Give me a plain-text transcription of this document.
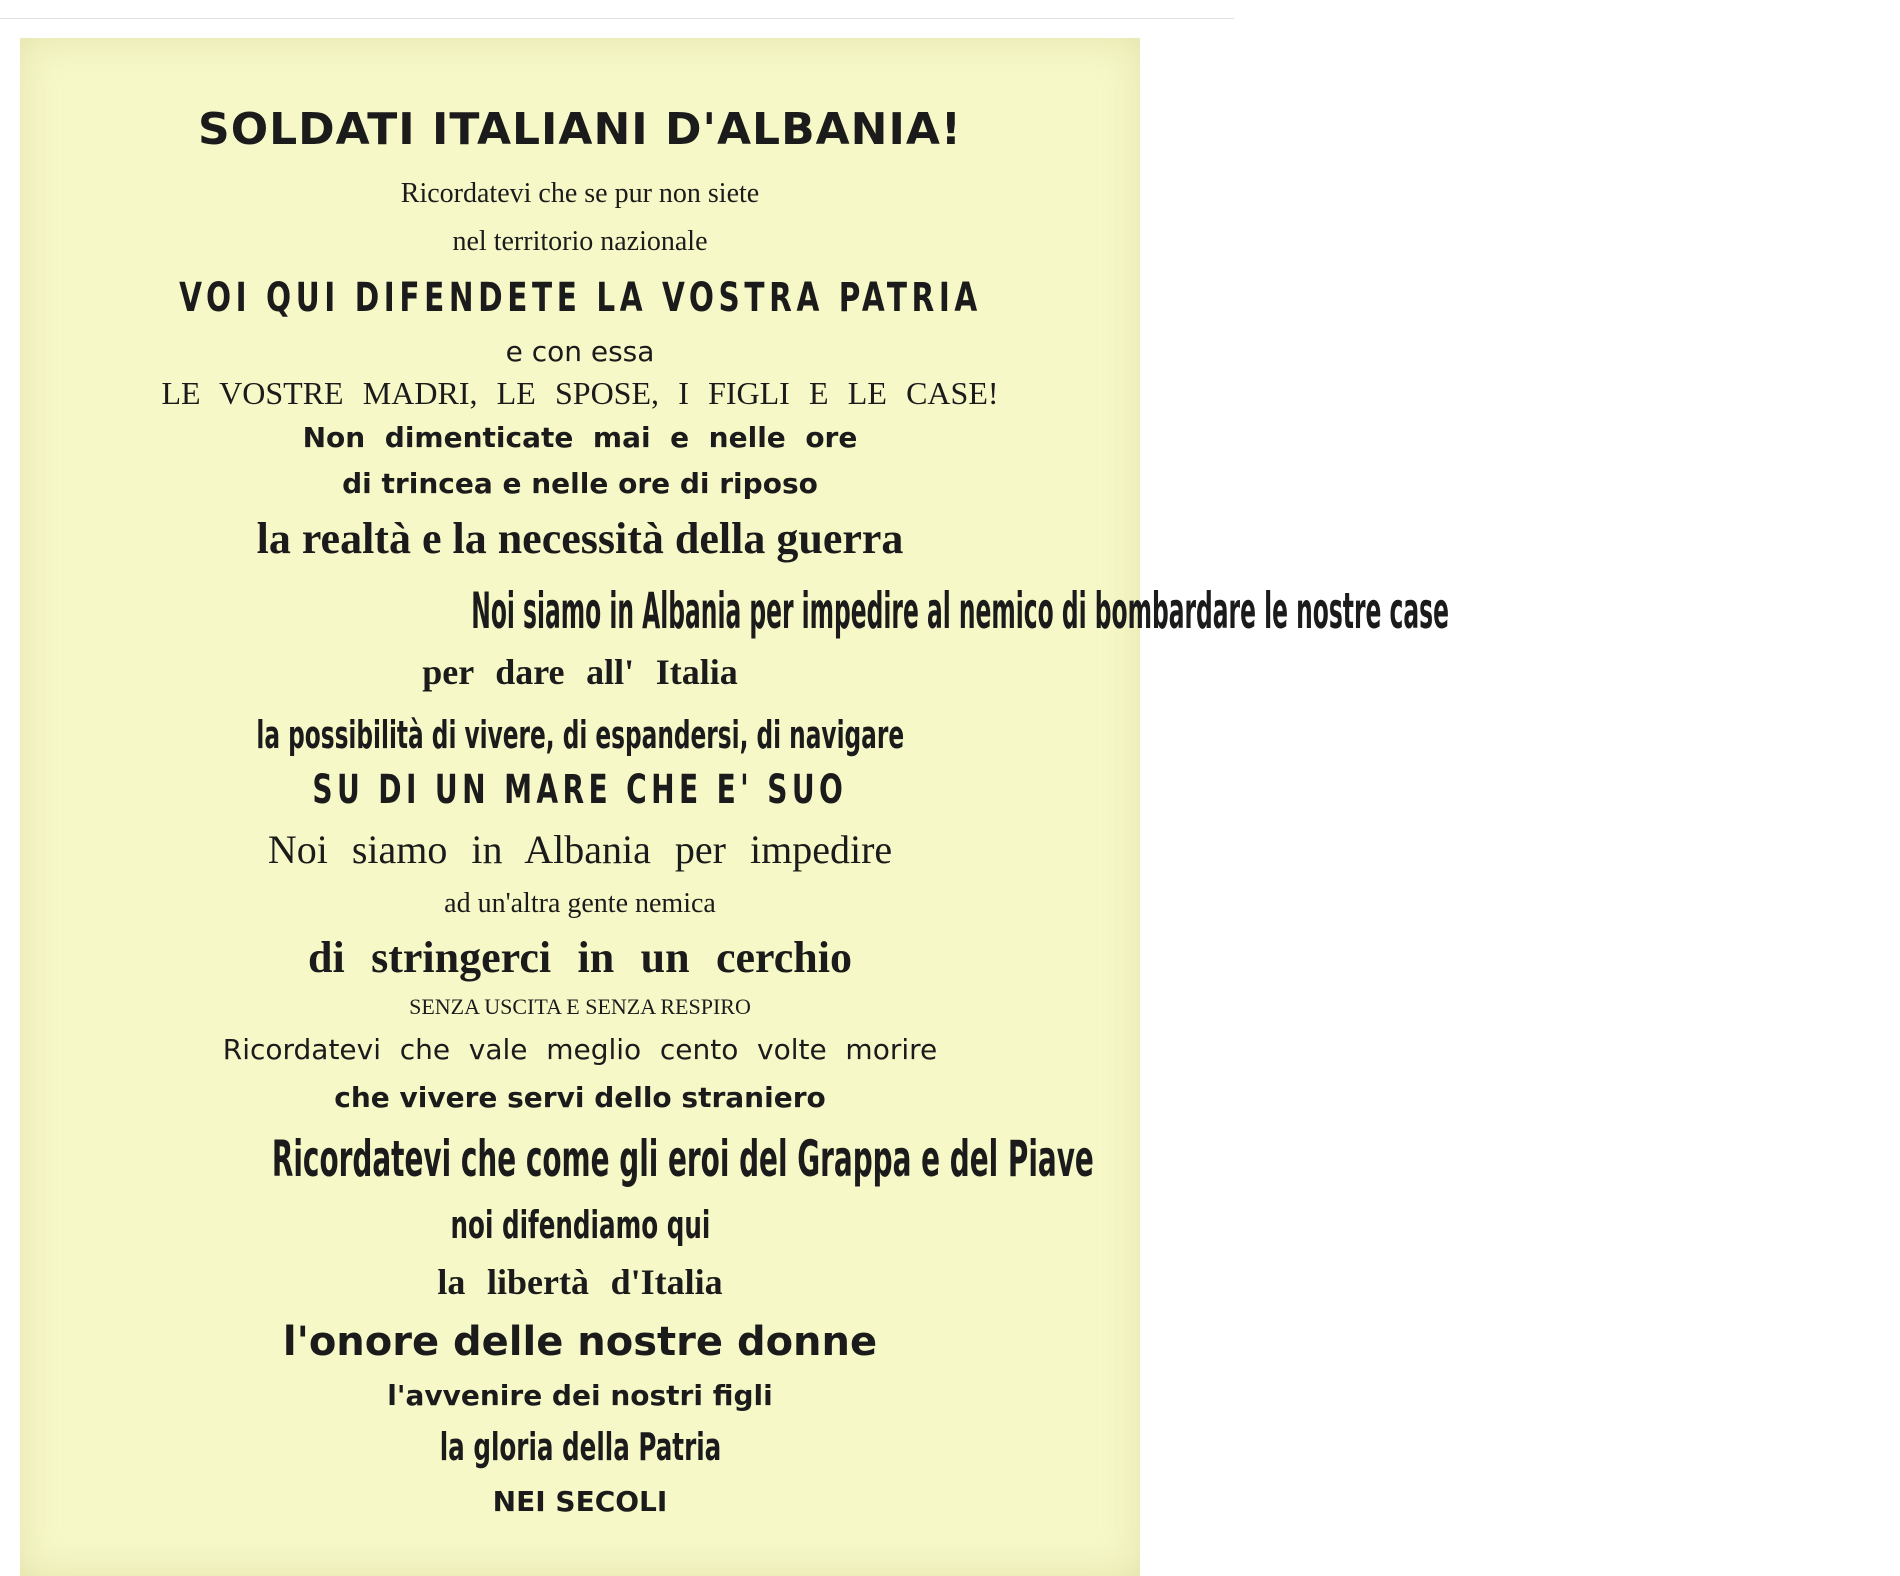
SOLDATI ITALIANI D'ALBANIA!
Ricordatevi che se pur non siete
nel territorio nazionale
VOI QUI DIFENDETE LA VOSTRA PATRIA
e con essa
LE VOSTRE MADRI, LE SPOSE, I FIGLI E LE CASE!
Non dimenticate mai e nelle ore
di trincea e nelle ore di riposo
la realtà e la necessità della guerra
Noi siamo in Albania per impedire al nemico di bombardare le nostre case
per dare all' Italia
la possibilità di vivere, di espandersi, di navigare
SU DI UN MARE CHE E' SUO
Noi siamo in Albania per impedire
ad un'altra gente nemica
di stringerci in un cerchio
SENZA USCITA E SENZA RESPIRO
Ricordatevi che vale meglio cento volte morire
che vivere servi dello straniero
Ricordatevi che come gli eroi del Grappa e del Piave
noi difendiamo qui
la libertà d'Italia
l'onore delle nostre donne
l'avvenire dei nostri figli
la gloria della Patria
NEI SECOLI
